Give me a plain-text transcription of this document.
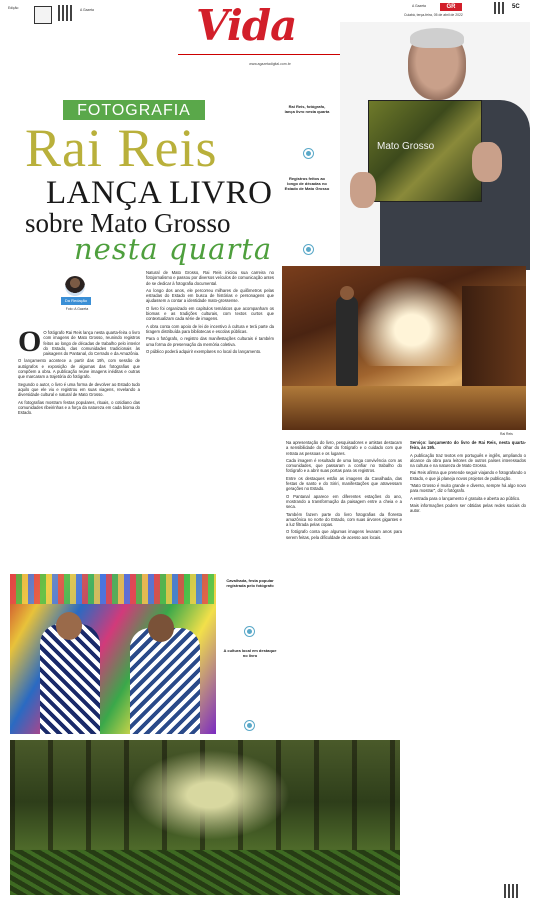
Edição	A Gazeta	Vida
www.agazetadigital.com.br
A Gazeta	GR
Cuiabá, terça-feira, 05 de abril de 2022
5C
FOTOGRAFIA
Rai Reis
LANÇA LIVRO
sobre Mato Grosso
nesta quarta
Da Redação
Foto: A Gazeta
Rai Reis, fotógrafo, lança livro nesta quarta
Registros feitos ao longo de décadas no Estado de Mato Grosso
Mato Grosso
Rai Reis

O O fotógrafo Rai Reis lança nesta quarta-feira o livro com imagens de Mato Grosso, reunindo registros feitos ao longo de décadas de trabalho pelo interior do Estado, das comunidades tradicionais às paisagens do Pantanal, do Cerrado e da Amazônia.

O lançamento acontece a partir das 19h, com sessão de autógrafos e exposição de algumas das fotografias que compõem a obra. A publicação reúne imagens inéditas e outras que marcaram a trajetória do fotógrafo.

Segundo o autor, o livro é uma forma de devolver ao Estado tudo aquilo que ele viu e registrou em suas viagens, revelando a diversidade cultural e natural de Mato Grosso.

As fotografias mostram festas populares, rituais, o cotidiano das comunidades ribeirinhas e a força da natureza em cada bioma do Estado.

Natural de Mato Grosso, Rai Reis iniciou sua carreira no fotojornalismo e passou por diversos veículos de comunicação antes de se dedicar à fotografia documental.

Ao longo dos anos, ele percorreu milhares de quilômetros pelas estradas do Estado em busca de histórias e personagens que ajudassem a contar a identidade mato-grossense.

O livro foi organizado em capítulos temáticos que acompanham os biomas e as tradições culturais, com textos curtos que contextualizam cada série de imagens.

A obra conta com apoio de lei de incentivo à cultura e terá parte da tiragem distribuída para bibliotecas e escolas públicas.

Para o fotógrafo, o registro das manifestações culturais é também uma forma de preservação da memória coletiva.

O público poderá adquirir exemplares no local do lançamento.

Na apresentação do livro, pesquisadores e artistas destacam a sensibilidade do olhar do fotógrafo e o cuidado com que retrata as pessoas e os lugares.

Cada imagem é resultado de uma longa convivência com as comunidades, que passaram a confiar no trabalho do fotógrafo e a abrir suas portas para os registros.

Entre os destaques estão as imagens da Cavalhada, das festas de santo e do Siriri, manifestações que atravessam gerações no Estado.

O Pantanal aparece em diferentes estações do ano, mostrando a transformação da paisagem entre a cheia e a seca.

Também fazem parte do livro fotografias da floresta amazônica no norte do Estado, com suas árvores gigantes e a luz filtrada pelas copas.

O fotógrafo conta que algumas imagens levaram anos para serem feitas, pela dificuldade de acesso aos locais.

Serviço: lançamento do livro de Rai Reis, nesta quarta-feira, às 19h.

A publicação traz textos em português e inglês, ampliando o alcance da obra para leitores de outros países interessados na cultura e na natureza de Mato Grosso.

Rai Reis afirma que pretende seguir viajando e fotografando o Estado, e que já planeja novos projetos de publicação.

"Mato Grosso é muito grande e diverso, sempre há algo novo para mostrar", diz o fotógrafo.

A entrada para o lançamento é gratuita e aberta ao público.

Mais informações podem ser obtidas pelas redes sociais do autor.

Cavalhada, festa popular registrada pelo fotógrafo
A cultura local em destaque no livro
